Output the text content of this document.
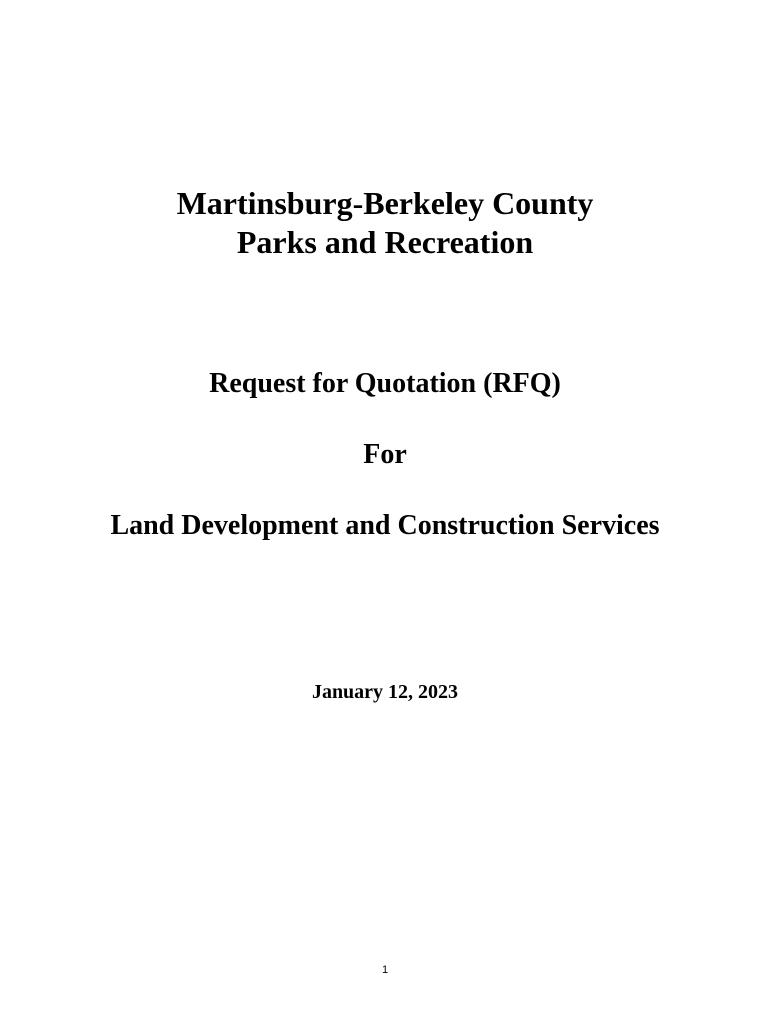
Martinsburg-Berkeley County
Parks and Recreation
Request for Quotation (RFQ)
For
Land Development and Construction Services

January 12, 2023

1
